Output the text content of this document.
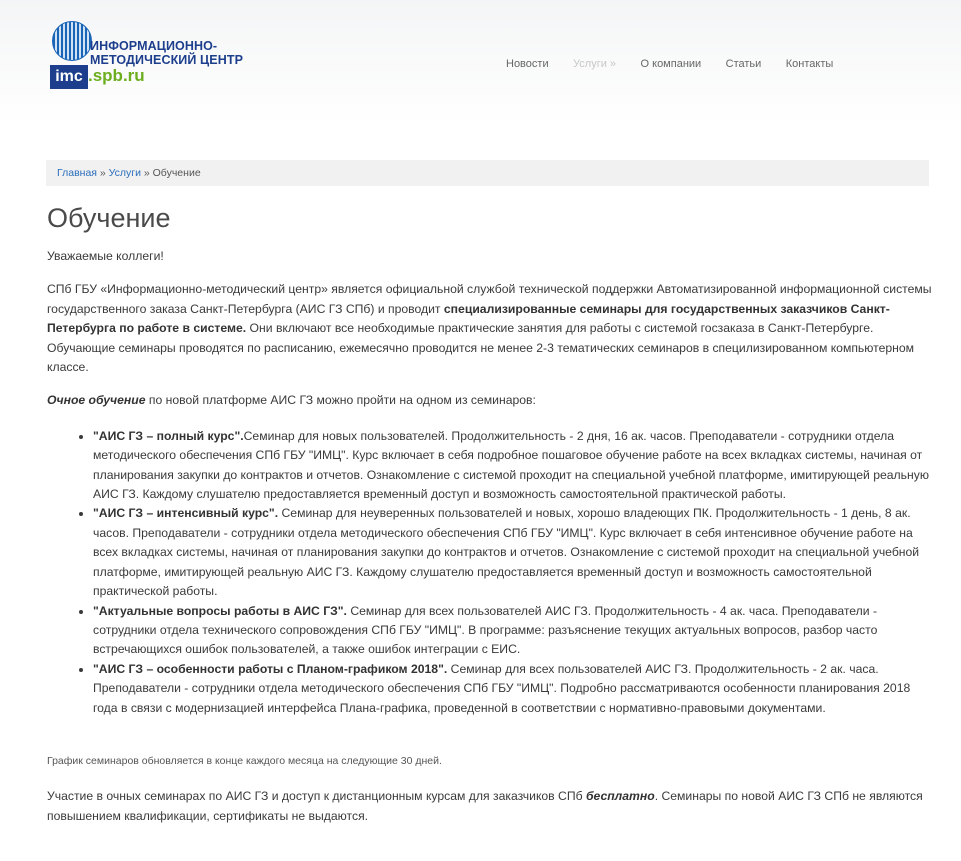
ИНФОРМАЦИОННО-
МЕТОДИЧЕСКИЙ ЦЕНТР
imc .spb.ru
Новости Услуги » О компании Статьи Контакты
Главная » Услуги » Обучение
Обучение

Уважаемые коллеги!

СПб ГБУ «Информационно-методический центр» является официальной службой технической поддержки Автоматизированной информационной системы государственного заказа Санкт-Петербурга (АИС ГЗ СПб) и проводит специализированные семинары для государственных заказчиков Санкт-Петербурга по работе в системе. Они включают все необходимые практические занятия для работы с системой госзаказа в Санкт-Петербурге. Обучающие семинары проводятся по расписанию, ежемесячно проводится не менее 2-3 тематических семинаров в специлизированном компьютерном классе.

Очное обучение по новой платформе АИС ГЗ можно пройти на одном из семинаров:

• "АИС ГЗ – полный курс".Семинар для новых пользователей. Продолжительность - 2 дня, 16 ак. часов. Преподаватели - сотрудники отдела методического обеспечения СПб ГБУ "ИМЦ". Курс включает в себя подробное пошаговое обучение работе на всех вкладках системы, начиная от планирования закупки до контрактов и отчетов. Ознакомление с системой проходит на специальной учебной платформе, имитирующей реальную АИС ГЗ. Каждому слушателю предоставляется временный доступ и возможность самостоятельной практической работы.
• "АИС ГЗ – интенсивный курс". Семинар для неуверенных пользователей и новых, хорошо владеющих ПК. Продолжительность - 1 день, 8 ак. часов. Преподаватели - сотрудники отдела методического обеспечения СПб ГБУ "ИМЦ". Курс включает в себя интенсивное обучение работе на всех вкладках системы, начиная от планирования закупки до контрактов и отчетов. Ознакомление с системой проходит на специальной учебной платформе, имитирующей реальную АИС ГЗ. Каждому слушателю предоставляется временный доступ и возможность самостоятельной практической работы.
• "Актуальные вопросы работы в АИС ГЗ". Семинар для всех пользователей АИС ГЗ. Продолжительность - 4 ак. часа. Преподаватели - сотрудники отдела технического сопровождения СПб ГБУ "ИМЦ". В программе: разъяснение текущих актуальных вопросов, разбор часто встречающихся ошибок пользователей, а также ошибок интеграции с ЕИС.
• "АИС ГЗ – особенности работы с Планом-графиком 2018". Семинар для всех пользователей АИС ГЗ. Продолжительность - 2 ак. часа. Преподаватели - сотрудники отдела методического обеспечения СПб ГБУ "ИМЦ". Подробно рассматриваются особенности планирования 2018 года в связи с модернизацией интерфейса Плана-графика, проведенной в соответствии с нормативно-правовыми документами.

График семинаров обновляется в конце каждого месяца на следующие 30 дней.

Участие в очных семинарах по АИС ГЗ и доступ к дистанционным курсам для заказчиков СПб бесплатно. Семинары по новой АИС ГЗ СПб не являются повышением квалификации, сертификаты не выдаются.
